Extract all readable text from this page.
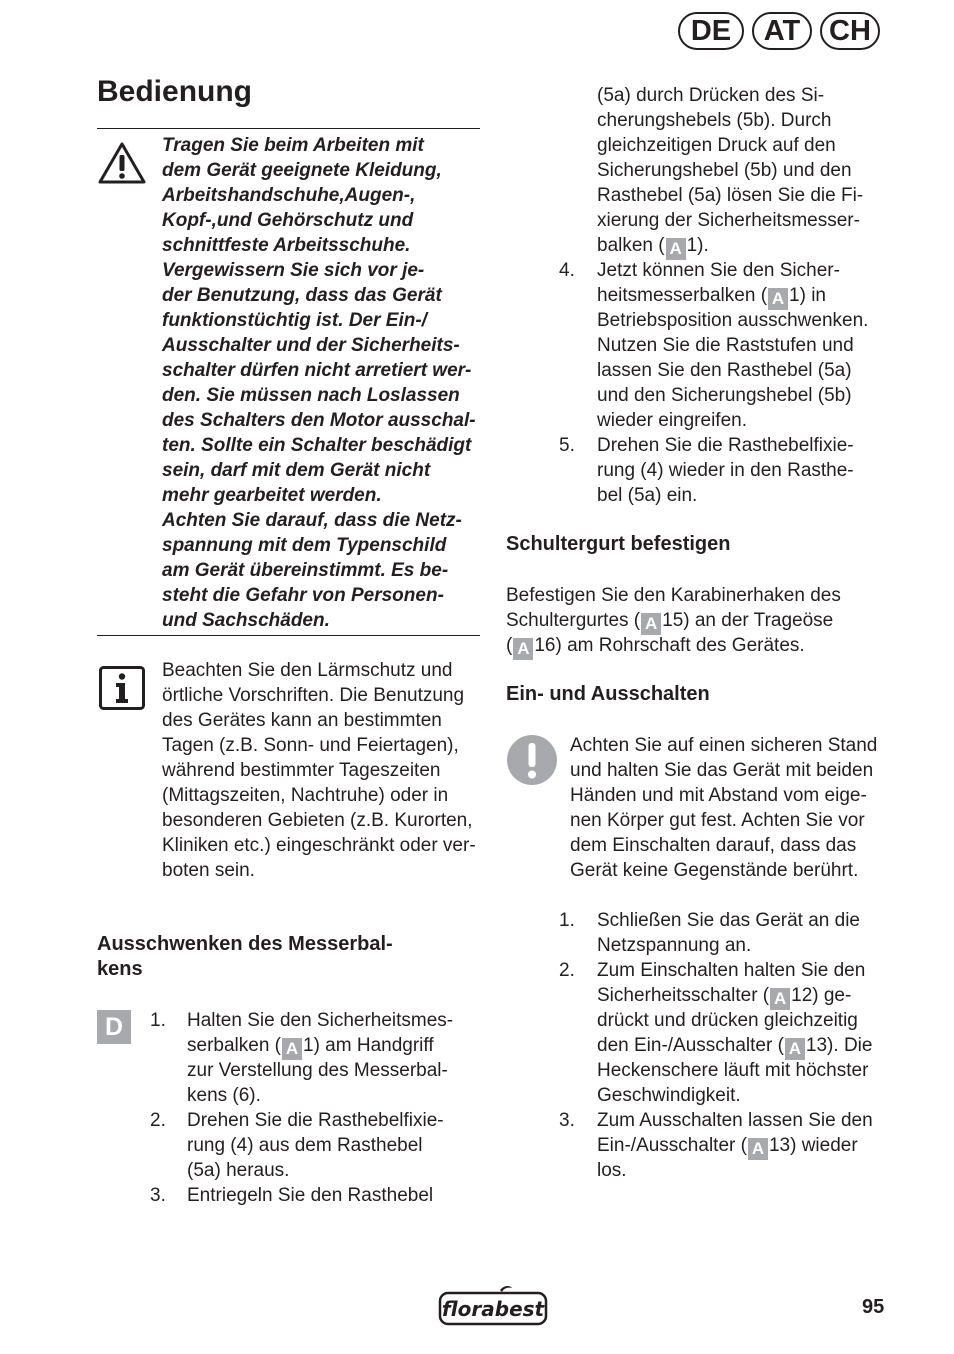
DE	AT CH
Bedienung
Tragen Sie beim Arbeiten mit
dem Gerät geeignete Kleidung,
Arbeitshandschuhe,Augen-,
Kopf-,und Gehörschutz und
schnittfeste Arbeitsschuhe.
Vergewissern Sie sich vor je-
der Benutzung, dass das Gerät
funktionstüchtig ist. Der Ein-/
Ausschalter und der Sicherheits-
schalter dürfen nicht arretiert wer-
den. Sie müssen nach Loslassen
des Schalters den Motor ausschal-
ten. Sollte ein Schalter beschädigt
sein, darf mit dem Gerät nicht
mehr gearbeitet werden.
Achten Sie darauf, dass die Netz-
spannung mit dem Typenschild
am Gerät übereinstimmt. Es be-
steht die Gefahr von Personen-
und Sachschäden.
Beachten Sie den Lärmschutz und
örtliche Vorschriften. Die Benutzung
des Gerätes kann an bestimmten
Tagen (z.B. Sonn- und Feiertagen),
während bestimmter Tageszeiten
(Mittagszeiten, Nachtruhe) oder in
besonderen Gebieten (z.B. Kurorten,
Kliniken etc.) eingeschränkt oder ver-
boten sein.
Ausschwenken des Messerbal-
kens
D	1. Halten Sie den Sicherheitsmes-
serbalken ( A 1) am Handgriff
zur Verstellung des Messerbal-
kens (6).
2. Drehen Sie die Rasthebelfixie-
rung (4) aus dem Rasthebel
(5a) heraus.
3. Entriegeln Sie den Rasthebel
(5a) durch Drücken des Si-
cherungshebels (5b). Durch
gleichzeitigen Druck auf den
Sicherungshebel (5b) und den
Rasthebel (5a) lösen Sie die Fi-
xierung der Sicherheitsmesser-
balken ( A 1).
4. Jetzt können Sie den Sicher-
heitsmesserbalken ( A 1) in
Betriebsposition ausschwenken.
Nutzen Sie die Raststufen und
lassen Sie den Rasthebel (5a)
und den Sicherungshebel (5b)
wieder eingreifen.
5. Drehen Sie die Rasthebelfixie-
rung (4) wieder in den Rasthe-
bel (5a) ein.
Schultergurt befestigen
Befestigen Sie den Karabinerhaken des
Schultergurtes ( A 15) an der Trageöse
( A 16) am Rohrschaft des Gerätes.
Ein- und Ausschalten
Achten Sie auf einen sicheren Stand
und halten Sie das Gerät mit beiden
Händen und mit Abstand vom eige-
nen Körper gut fest. Achten Sie vor
dem Einschalten darauf, dass das
Gerät keine Gegenstände berührt.
1. Schließen Sie das Gerät an die
Netzspannung an.
2. Zum Einschalten halten Sie den
Sicherheitsschalter ( A 12) ge-
drückt und drücken gleichzeitig
den Ein-/Ausschalter ( A 13). Die
Heckenschere läuft mit höchster
Geschwindigkeit.
3. Zum Ausschalten lassen Sie den
Ein-/Ausschalter ( A 13) wieder
los.
florabest	95
